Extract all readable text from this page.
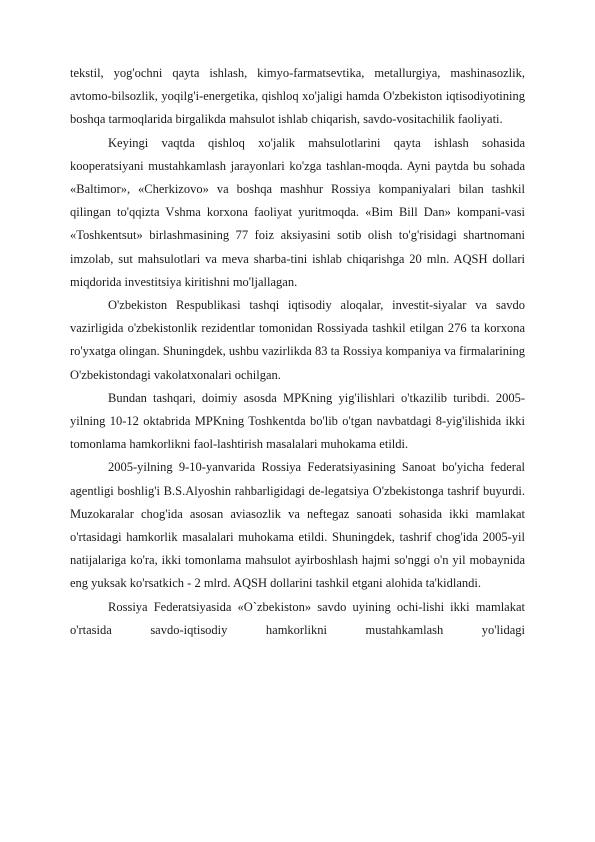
tekstil, yog'ochni qayta ishlash, kimyo-farmatsevtika, metallurgiya, mashinasozlik, avtomo-bilsozlik, yoqilg'i-energetika, qishloq xo'jaligi hamda O'zbekiston iqtisodiyotining boshqa tarmoqlarida birgalikda mahsulot ishlab chiqarish, savdo-vositachilik faoliyati.

Keyingi vaqtda qishloq xo'jalik mahsulotlarini qayta ishlash sohasida kooperatsiyani mustahkamlash jarayonlari ko'zga tashlan-moqda. Ayni paytda bu sohada «Baltimor», «Cherkizovo» va boshqa mashhur Rossiya kompaniyalari bilan tashkil qilingan to'qqizta Vshma korxona faoliyat yuritmoqda. «Bim Bill Dan» kompani-vasi «Toshkentsut» birlashmasining 77 foiz aksiyasini sotib olish to'g'risidagi shartnomani imzolab, sut mahsulotlari va meva sharba-tini ishlab chiqarishga 20 mln. AQSH dollari miqdorida investitsiya kiritishni mo'ljallagan.

O'zbekiston Respublikasi tashqi iqtisodiy aloqalar, investit-siyalar va savdo vazirligida o'zbekistonlik rezidentlar tomonidan Rossiyada tashkil etilgan 276 ta korxona ro'yxatga olingan. Shuningdek, ushbu vazirlikda 83 ta Rossiya kompaniya va firmalarining O'zbekistondagi vakolatxonalari ochilgan.

Bundan tashqari, doimiy asosda MPKning yig'ilishlari o'tkazilib turibdi. 2005-yilning 10-12 oktabrida MPKning Toshkentda bo'lib o'tgan navbatdagi 8-yig'ilishida ikki tomonlama hamkorlikni faol-lashtirish masalalari muhokama etildi.

2005-yilning 9-10-yanvarida Rossiya Federatsiyasining Sanoat bo'yicha federal agentligi boshlig'i B.S.Alyoshin rahbarligidagi de-legatsiya O'zbekistonga tashrif buyurdi. Muzokaralar chog'ida asosan aviasozlik va neftegaz sanoati sohasida ikki mamlakat o'rtasidagi hamkorlik masalalari muhokama etildi. Shuningdek, tashrif chog'ida 2005-yil natijalariga ko'ra, ikki tomonlama mahsulot ayirboshlash hajmi so'nggi o'n yil mobaynida eng yuksak ko'rsatkich - 2 mlrd. AQSH dollarini tashkil etgani alohida ta'kidlandi.

Rossiya Federatsiyasida «O`zbekiston» savdo uyining ochi-lishi ikki mamlakat o'rtasida savdo-iqtisodiy hamkorlikni mustahkamlash yo'lidagi
